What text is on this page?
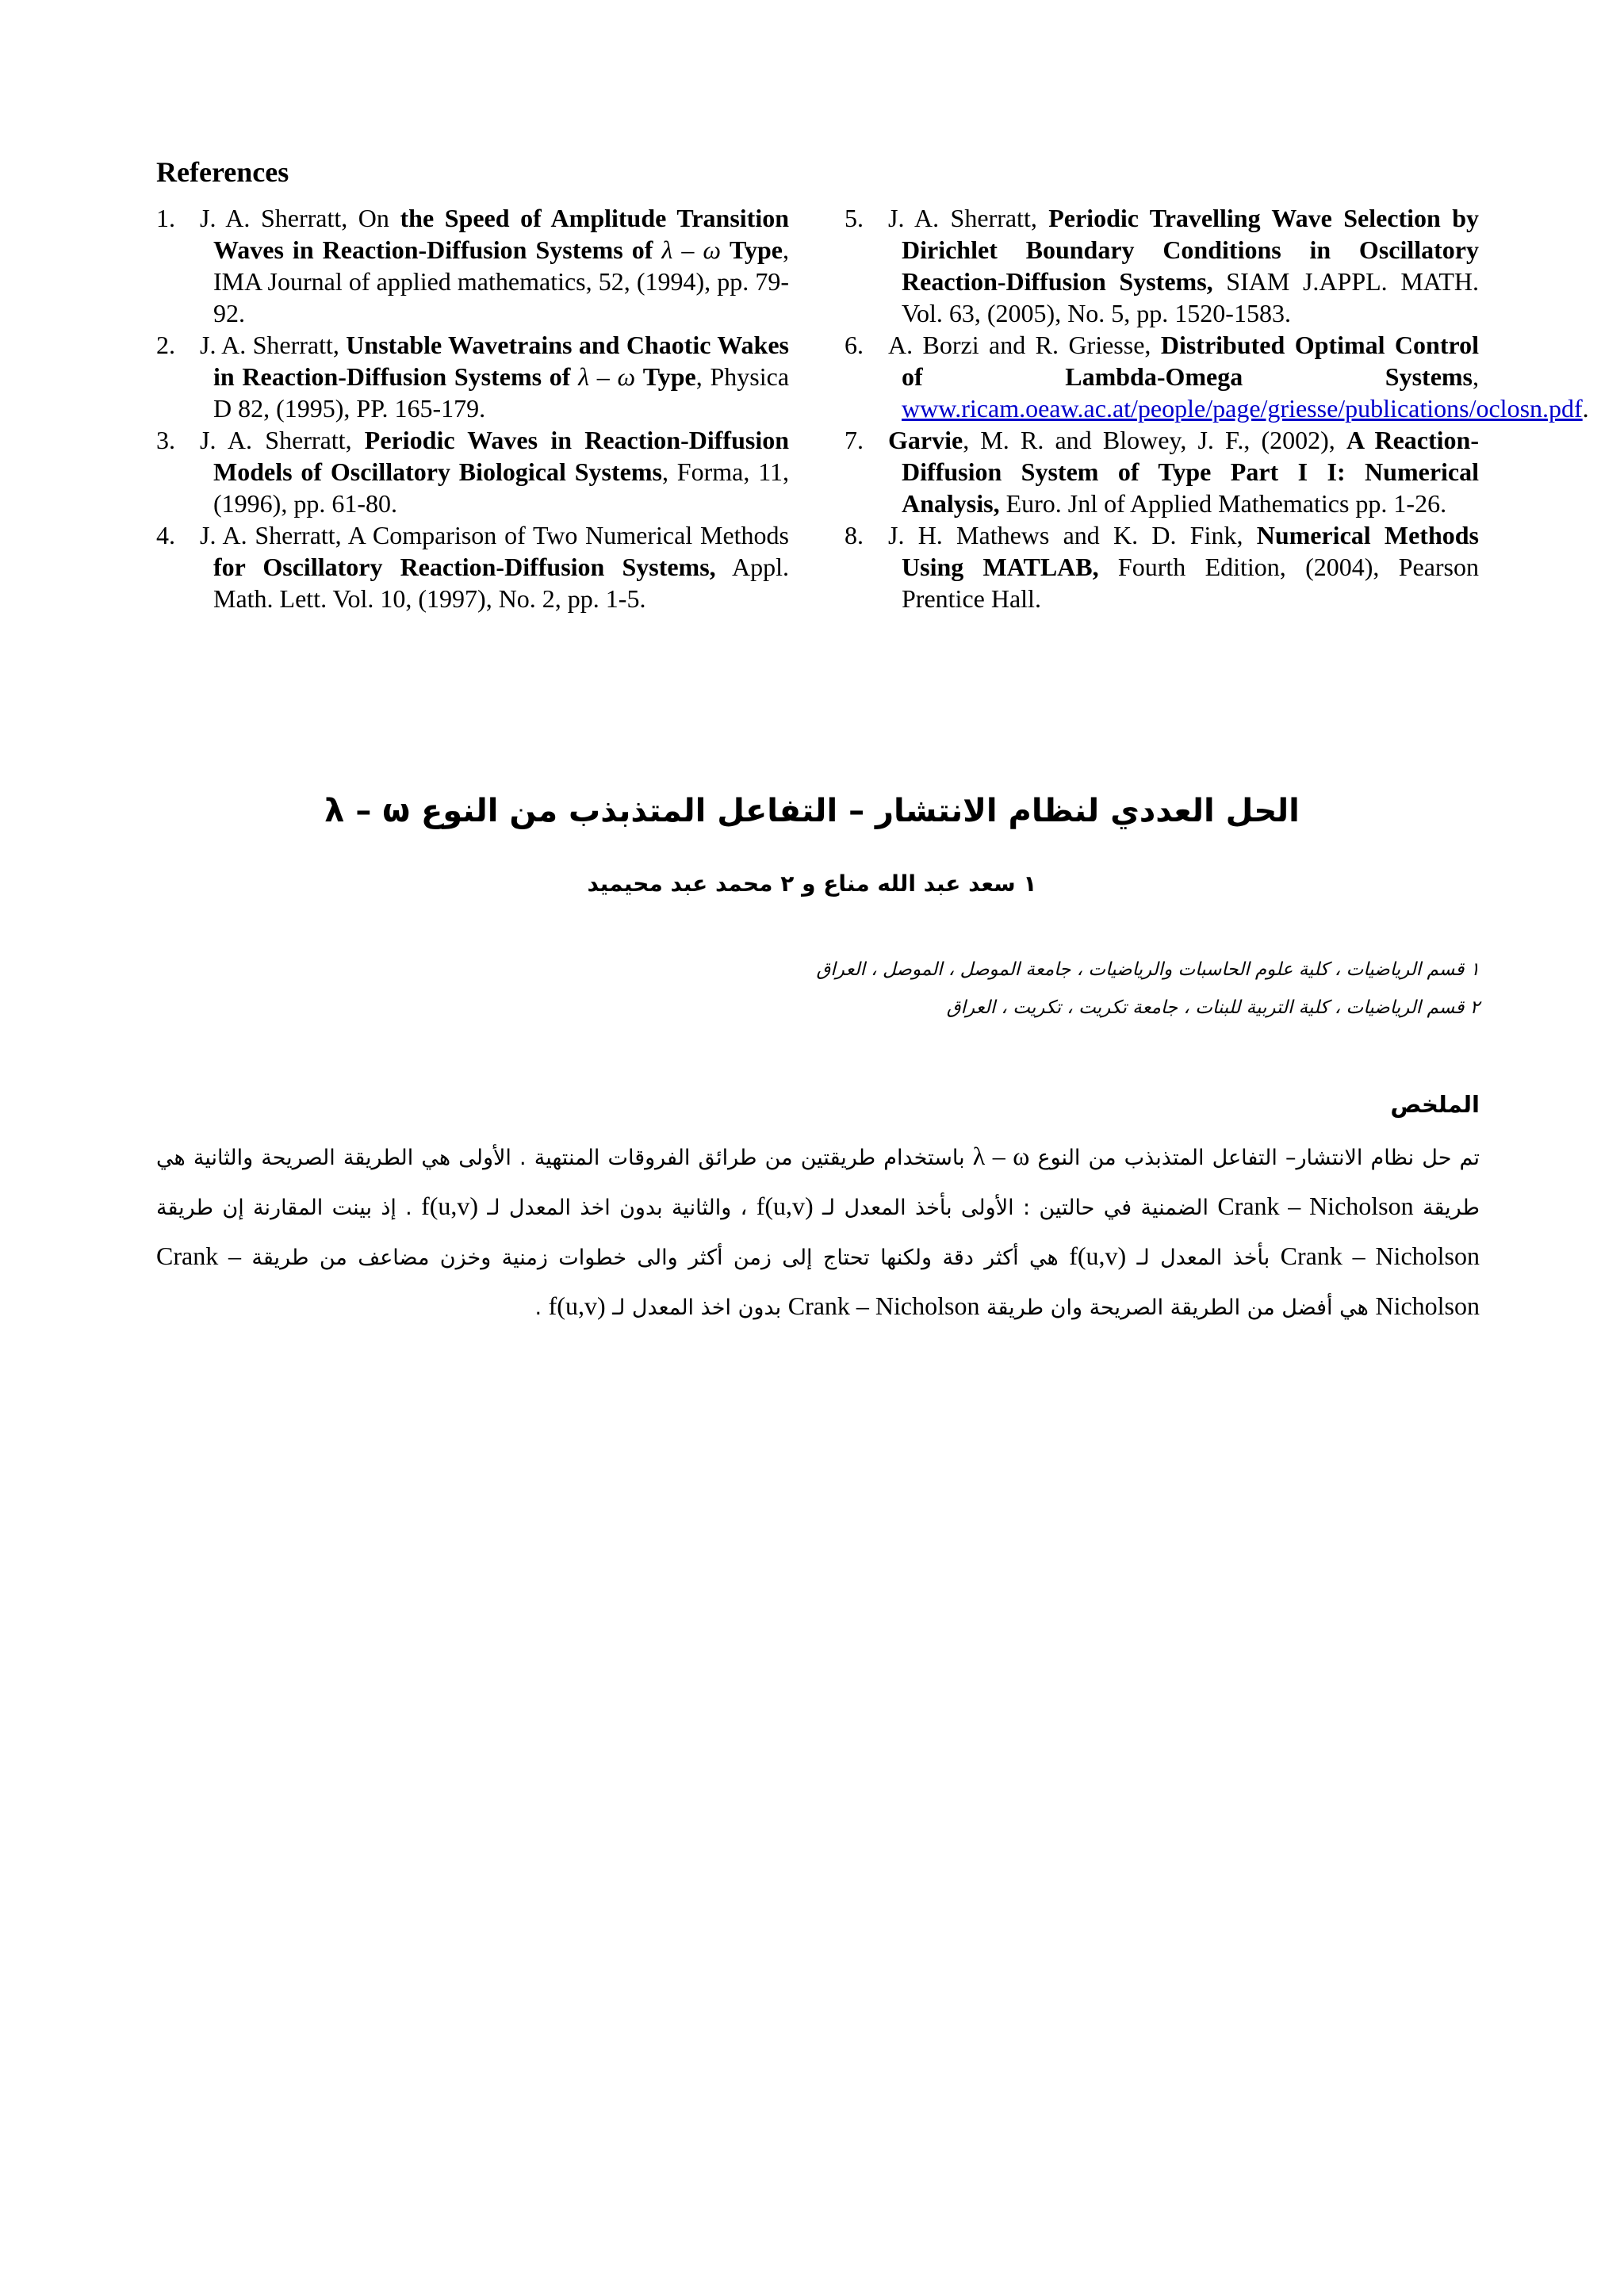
References

1. J. A. Sherratt, On the Speed of Amplitude Transition Waves in Reaction-Diffusion Systems of λ – ω Type, IMA Journal of applied mathematics, 52, (1994), pp. 79-92.

2. J. A. Sherratt, Unstable Wavetrains and Chaotic Wakes in Reaction-Diffusion Systems of λ – ω Type, Physica D 82, (1995), PP. 165-179.

3. J. A. Sherratt, Periodic Waves in Reaction-Diffusion Models of Oscillatory Biological Systems, Forma, 11, (1996), pp. 61-80.

4. J. A. Sherratt, A Comparison of Two Numerical Methods for Oscillatory Reaction-Diffusion Systems, Appl. Math. Lett. Vol. 10, (1997), No. 2, pp. 1-5.

5. J. A. Sherratt, Periodic Travelling Wave Selection by Dirichlet Boundary Conditions in Oscillatory Reaction-Diffusion Systems, SIAM J.APPL. MATH. Vol. 63, (2005), No. 5, pp. 1520-1583.

6. A. Borzi and R. Griesse, Distributed Optimal Control of Lambda-Omega Systems, www.ricam.oeaw.ac.at/people/page/griesse/publications/oclosn.pdf.

7. Garvie, M. R. and Blowey, J. F., (2002), A Reaction-Diffusion System of Type Part I I: Numerical Analysis, Euro. Jnl of Applied Mathematics pp. 1-26.

8. J. H. Mathews and K. D. Fink, Numerical Methods Using MATLAB, Fourth Edition, (2004), Pearson Prentice Hall.

الحل العددي لنظام الانتشار – التفاعل المتذبذب من النوع λ – ω
١ سعد عبد الله مناع و ٢ محمد عبد محيميد
١ قسم الرياضيات ، كلية علوم الحاسبات والرياضيات ، جامعة الموصل ، الموصل ، العراق
٢ قسم الرياضيات ، كلية التربية للبنات ، جامعة تكريت ، تكريت ، العراق
الملخص
تم حل نظام الانتشار– التفاعل المتذبذب من النوع λ – ω باستخدام طريقتين من طرائق الفروقات المنتهية . الأولى هي الطريقة الصريحة والثانية هي طريقة Crank – Nicholson الضمنية في حالتين : الأولى بأخذ المعدل لـ f(u,v) ، والثانية بدون اخذ المعدل لـ f(u,v) . إذ بينت المقارنة إن طريقة Crank – Nicholson بأخذ المعدل لـ f(u,v) هي أكثر دقة ولكنها تحتاج إلى زمن أكثر والى خطوات زمنية وخزن مضاعف من طريقة Crank – Nicholson هي أفضل من الطريقة الصريحة وان طريقة Crank – Nicholson بدون اخذ المعدل لـ f(u,v) .
